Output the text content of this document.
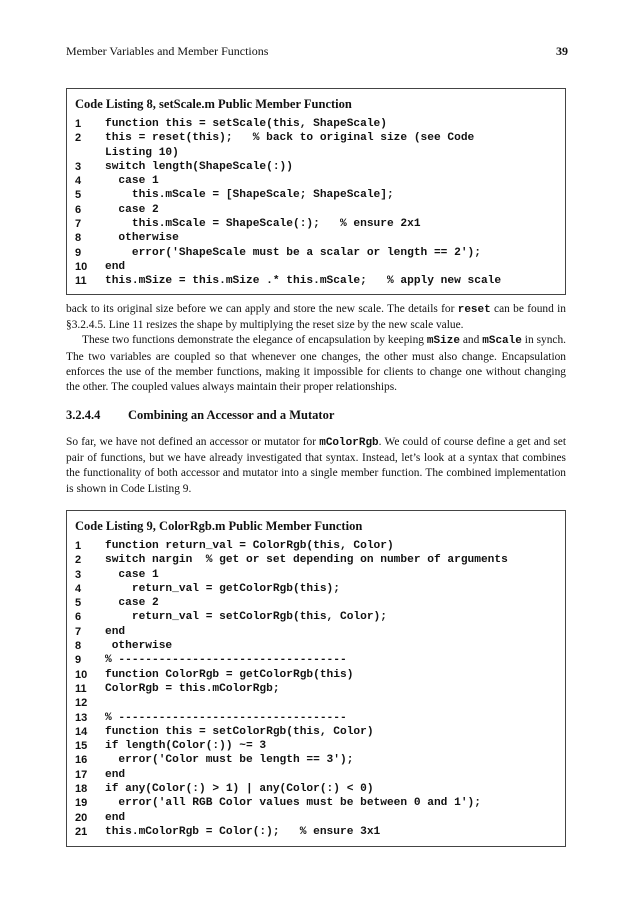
Member Variables and Member Functions	39
Code Listing 8, setScale.m Public Member Function
1	function this = setScale(this, ShapeScale)
2	this = reset(this);   % back to original size (see Code
Listing 10)
3	switch length(ShapeScale(:))
4	case 1
5	this.mScale = [ShapeScale; ShapeScale];
6	case 2
7	this.mScale = ShapeScale(:);   % ensure 2x1
8	otherwise
9	error('ShapeScale must be a scalar or length == 2');
10	end
11	this.mSize = this.mSize .* this.mScale;   % apply new scale

back to its original size before we can apply and store the new scale. The details for reset can be found in §3.2.4.5. Line 11 resizes the shape by multiplying the reset size by the new scale value.

These two functions demonstrate the elegance of encapsulation by keeping mSize and mScale in synch. The two variables are coupled so that whenever one changes, the other must also change. Encapsulation enforces the use of the member functions, making it impossible for clients to change one without changing the other. The coupled values always maintain their proper relationships.

3.2.4.4 Combining an Accessor and a Mutator

So far, we have not defined an accessor or mutator for mColorRgb. We could of course define a get and set pair of functions, but we have already investigated that syntax. Instead, let’s look at a syntax that combines the functionality of both accessor and mutator into a single member function. The combined implementation is shown in Code Listing 9.

Code Listing 9, ColorRgb.m Public Member Function
1	function return_val = ColorRgb(this, Color)
2	switch nargin  % get or set depending on number of arguments
3	case 1
4	return_val = getColorRgb(this);
5	case 2
6	return_val = setColorRgb(this, Color);
7	end
8	otherwise
9	% ----------------------------------
10	function ColorRgb = getColorRgb(this)
11	ColorRgb = this.mColorRgb;
12
13	% ----------------------------------
14	function this = setColorRgb(this, Color)
15	if length(Color(:)) ~= 3
16	error('Color must be length == 3');
17	end
18	if any(Color(:) > 1) | any(Color(:) < 0)
19	error('all RGB Color values must be between 0 and 1');
20	end
21	this.mColorRgb = Color(:);   % ensure 3x1
